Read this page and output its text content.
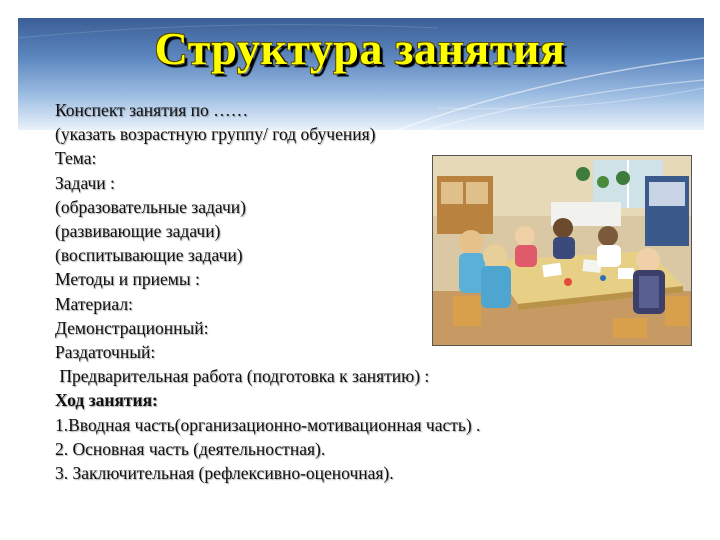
Структура занятия
Конспект занятия по ……
(указать возрастную группу/ год обучения)
Тема:
Задачи :
(образовательные задачи)
(развивающие задачи)
(воспитывающие задачи)
Методы и приемы :
Материал:
Демонстрационный:
Раздаточный:
Предварительная работа (подготовка к занятию) :
Ход занятия:
1.Вводная часть(организационно-мотивационная часть) .
2. Основная часть (деятельностная).
3. Заключительная (рефлексивно-оценочная).
